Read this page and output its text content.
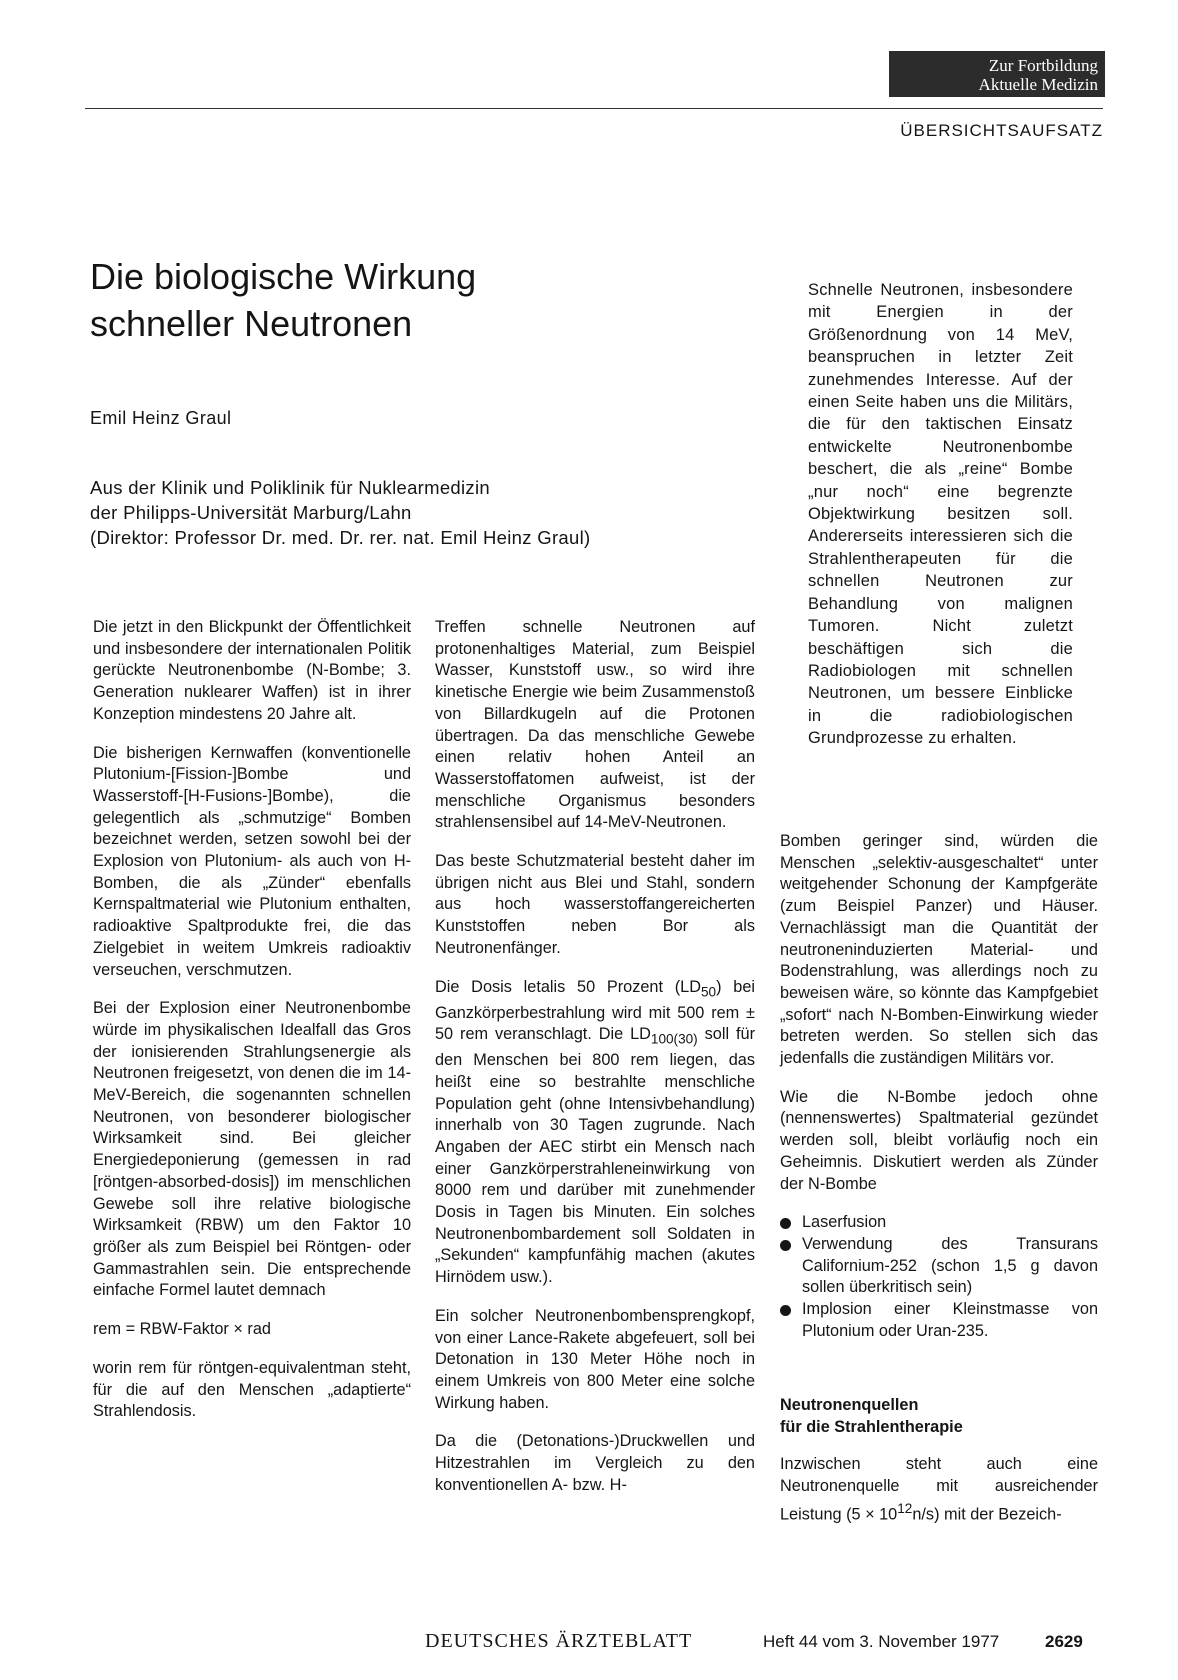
Zur Fortbildung
Aktuelle Medizin
ÜBERSICHTSAUFSATZ
Die biologische Wirkung
schneller Neutronen
Emil Heinz Graul
Aus der Klinik und Poliklinik für Nuklearmedizin
der Philipps-Universität Marburg/Lahn
(Direktor: Professor Dr. med. Dr. rer. nat. Emil Heinz Graul)
Schnelle Neutronen, insbesondere mit Energien in der Größenordnung von 14 MeV, beanspruchen in letzter Zeit zunehmendes Interesse. Auf der einen Seite haben uns die Militärs, die für den taktischen Einsatz entwickelte Neutronenbombe beschert, die als „reine“ Bombe „nur noch“ eine begrenzte Objektwirkung besitzen soll. Andererseits interessieren sich die Strahlentherapeuten für die schnellen Neutronen zur Behandlung von malignen Tumoren. Nicht zuletzt beschäftigen sich die Radiobiologen mit schnellen Neutronen, um bessere Einblicke in die radiobiologischen Grundprozesse zu erhalten.

Die jetzt in den Blickpunkt der Öffentlichkeit und insbesondere der internationalen Politik gerückte Neutronenbombe (N-Bombe; 3. Generation nuklearer Waffen) ist in ihrer Konzeption mindestens 20 Jahre alt.

Die bisherigen Kernwaffen (konventionelle Plutonium-[Fission-]Bombe und Wasserstoff-[H-Fusions-]Bombe), die gelegentlich als „schmutzige“ Bomben bezeichnet werden, setzen sowohl bei der Explosion von Plutonium- als auch von H-Bomben, die als „Zünder“ ebenfalls Kernspaltmaterial wie Plutonium enthalten, radioaktive Spaltprodukte frei, die das Zielgebiet in weitem Umkreis radioaktiv verseuchen, verschmutzen.

Bei der Explosion einer Neutronenbombe würde im physikalischen Idealfall das Gros der ionisierenden Strahlungsenergie als Neutronen freigesetzt, von denen die im 14-MeV-Bereich, die sogenannten schnellen Neutronen, von besonderer biologischer Wirksamkeit sind. Bei gleicher Energiedeponierung (gemessen in rad [röntgen-absorbed-dosis]) im menschlichen Gewebe soll ihre relative biologische Wirksamkeit (RBW) um den Faktor 10 größer als zum Beispiel bei Röntgen- oder Gammastrahlen sein. Die entsprechende einfache Formel lautet demnach

rem = RBW-Faktor × rad

worin rem für röntgen-equivalentman steht, für die auf den Menschen „adaptierte“ Strahlendosis.

Treffen schnelle Neutronen auf protonenhaltiges Material, zum Beispiel Wasser, Kunststoff usw., so wird ihre kinetische Energie wie beim Zusammenstoß von Billardkugeln auf die Protonen übertragen. Da das menschliche Gewebe einen relativ hohen Anteil an Wasserstoffatomen aufweist, ist der menschliche Organismus besonders strahlensensibel auf 14-MeV-Neutronen.

Das beste Schutzmaterial besteht daher im übrigen nicht aus Blei und Stahl, sondern aus hoch wasserstoffangereicherten Kunststoffen neben Bor als Neutronenfänger.

Die Dosis letalis 50 Prozent $(LD_{50})$ bei Ganzkörperbestrahlung wird mit 500 rem ± 50 rem veranschlagt. Die $LD_{100(30)}$ soll für den Menschen bei 800 rem liegen, das heißt eine so bestrahlte menschliche Population geht (ohne Intensivbehandlung) innerhalb von 30 Tagen zugrunde. Nach Angaben der AEC stirbt ein Mensch nach einer Ganzkörperstrahleneinwirkung von 8000 rem und darüber mit zunehmender Dosis in Tagen bis Minuten. Ein solches Neutronenbombardement soll Soldaten in „Sekunden“ kampfunfähig machen (akutes Hirnödem usw.).

Ein solcher Neutronenbombensprengkopf, von einer Lance-Rakete abgefeuert, soll bei Detonation in 130 Meter Höhe noch in einem Umkreis von 800 Meter eine solche Wirkung haben.

Da die (Detonations-)Druckwellen und Hitzestrahlen im Vergleich zu den konventionellen A- bzw. H-

Bomben geringer sind, würden die Menschen „selektiv-ausgeschaltet“ unter weitgehender Schonung der Kampfgeräte (zum Beispiel Panzer) und Häuser. Vernachlässigt man die Quantität der neutroneninduzierten Material- und Bodenstrahlung, was allerdings noch zu beweisen wäre, so könnte das Kampfgebiet „sofort“ nach N-Bomben-Einwirkung wieder betreten werden. So stellen sich das jedenfalls die zuständigen Militärs vor.

Wie die N-Bombe jedoch ohne (nennenswertes) Spaltmaterial gezündet werden soll, bleibt vorläufig noch ein Geheimnis. Diskutiert werden als Zünder der N-Bombe

Laserfusion
Verwendung des Transurans Californium-252 (schon 1,5 g davon sollen überkritisch sein)
Implosion einer Kleinstmasse von Plutonium oder Uran-235.
Neutronenquellen
für die Strahlentherapie

Inzwischen steht auch eine Neutronenquelle mit ausreichender Leistung $(5 \times 10^{12}n/s)$ mit der Bezeich-

DEUTSCHES ÄRZTEBLATT	Heft 44 vom 3. November 1977	2629
